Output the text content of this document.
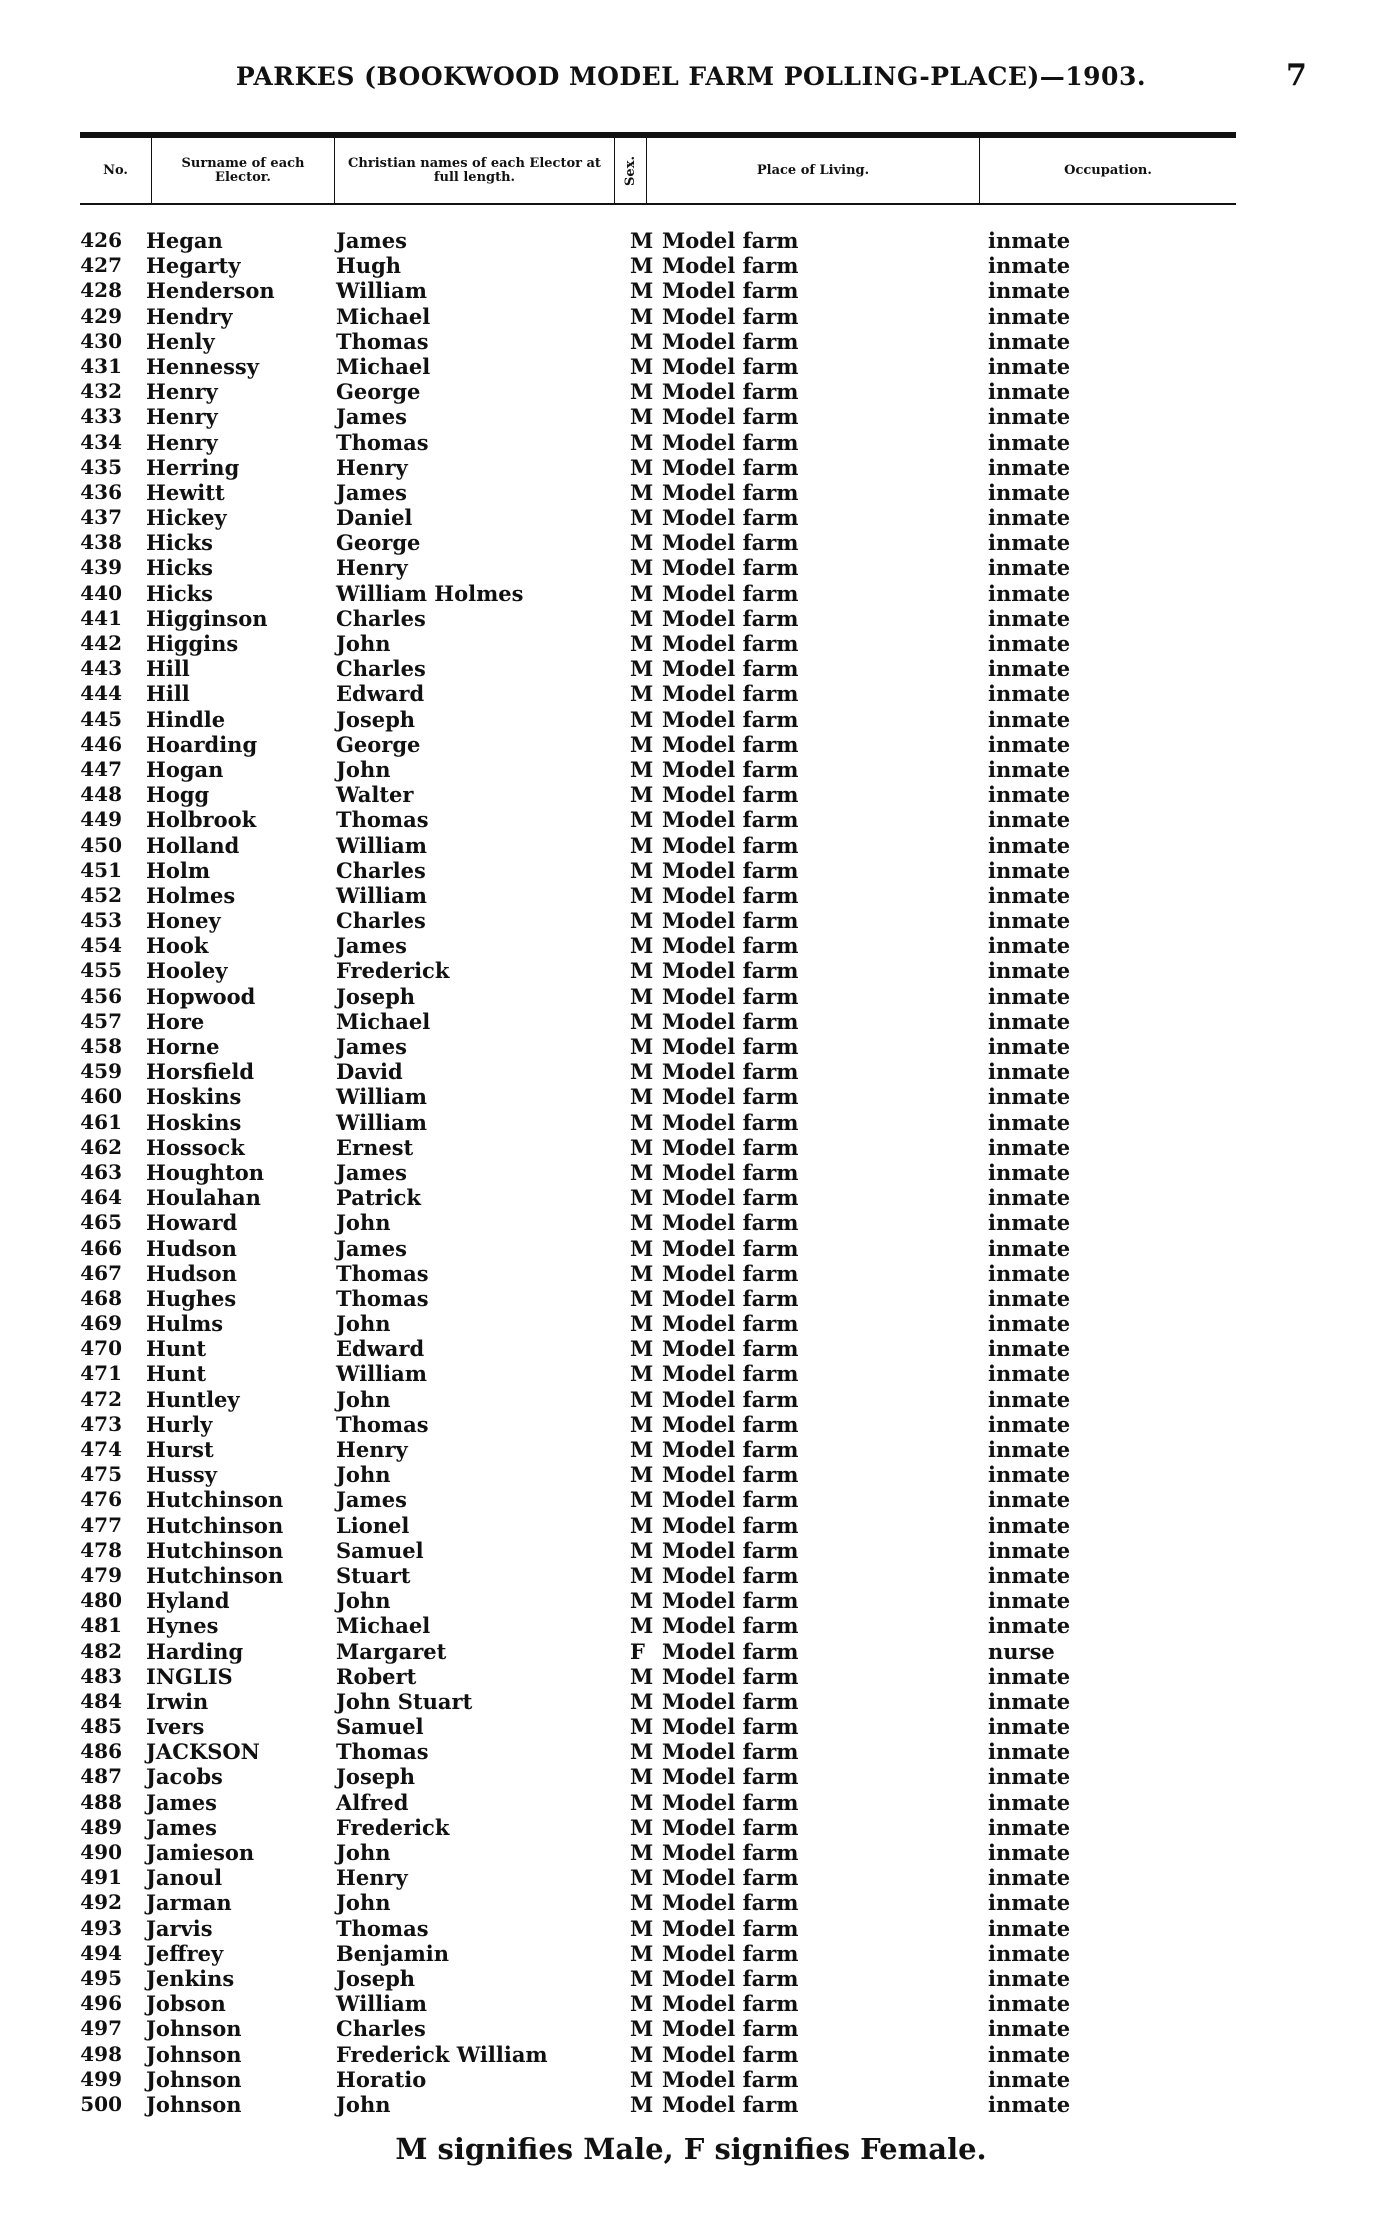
PARKES (BOOKWOOD MODEL FARM POLLING-PLACE)—1903.	7
No.	Surname of each Elector.
Christian names of each Elector at full length.	Sex.	Place of Living.	Occupation.
426 Hegan	James	M Model farm	inmate
427 Hegarty	Hugh	M Model farm	inmate
428 Henderson	William	M Model farm	inmate
429 Hendry	Michael	M Model farm	inmate
430 Henly	Thomas	M Model farm	inmate
431 Hennessy	Michael	M Model farm	inmate
432 Henry	George	M Model farm	inmate
433 Henry	James	M Model farm	inmate
434 Henry	Thomas	M Model farm	inmate
435 Herring	Henry	M Model farm	inmate
436 Hewitt	James	M Model farm	inmate
437 Hickey	Daniel	M Model farm	inmate
438 Hicks	George	M Model farm	inmate
439 Hicks	Henry	M Model farm	inmate
440 Hicks	William Holmes	M Model farm	inmate
441 Higginson	Charles	M Model farm	inmate
442 Higgins	John	M Model farm	inmate
443 Hill	Charles	M Model farm	inmate
444 Hill	Edward	M Model farm	inmate
445 Hindle	Joseph	M Model farm	inmate
446 Hoarding	George	M Model farm	inmate
447 Hogan	John	M Model farm	inmate
448 Hogg	Walter	M Model farm	inmate
449 Holbrook	Thomas	M Model farm	inmate
450 Holland	William	M Model farm	inmate
451 Holm	Charles	M Model farm	inmate
452 Holmes	William	M Model farm	inmate
453 Honey	Charles	M Model farm	inmate
454 Hook	James	M Model farm	inmate
455 Hooley	Frederick	M Model farm	inmate
456 Hopwood	Joseph	M Model farm	inmate
457 Hore	Michael	M Model farm	inmate
458 Horne	James	M Model farm	inmate
459 Horsfield	David	M Model farm	inmate
460 Hoskins	William	M Model farm	inmate
461 Hoskins	William	M Model farm	inmate
462 Hossock	Ernest	M Model farm	inmate
463 Houghton	James	M Model farm	inmate
464 Houlahan	Patrick	M Model farm	inmate
465 Howard	John	M Model farm	inmate
466 Hudson	James	M Model farm	inmate
467 Hudson	Thomas	M Model farm	inmate
468 Hughes	Thomas	M Model farm	inmate
469 Hulms	John	M Model farm	inmate
470 Hunt	Edward	M Model farm	inmate
471 Hunt	William	M Model farm	inmate
472 Huntley	John	M Model farm	inmate
473 Hurly	Thomas	M Model farm	inmate
474 Hurst	Henry	M Model farm	inmate
475 Hussy	John	M Model farm	inmate
476 Hutchinson	James	M Model farm	inmate
477 Hutchinson	Lionel	M Model farm	inmate
478 Hutchinson	Samuel	M Model farm	inmate
479 Hutchinson	Stuart	M Model farm	inmate
480 Hyland	John	M Model farm	inmate
481 Hynes	Michael	M Model farm	inmate
482 Harding	Margaret	F Model farm	nurse
483 INGLIS	Robert	M Model farm	inmate
484 Irwin	John Stuart	M Model farm	inmate
485 Ivers	Samuel	M Model farm	inmate
486 JACKSON	Thomas	M Model farm	inmate
487 Jacobs	Joseph	M Model farm	inmate
488 James	Alfred	M Model farm	inmate
489 James	Frederick	M Model farm	inmate
490 Jamieson	John	M Model farm	inmate
491 Janoul	Henry	M Model farm	inmate
492 Jarman	John	M Model farm	inmate
493 Jarvis	Thomas	M Model farm	inmate
494 Jeffrey	Benjamin	M Model farm	inmate
495 Jenkins	Joseph	M Model farm	inmate
496 Jobson	William	M Model farm	inmate
497 Johnson	Charles	M Model farm	inmate
498 Johnson	Frederick William	M Model farm	inmate
499 Johnson	Horatio	M Model farm	inmate
500 Johnson	John	M Model farm	inmate
M signifies Male, F signifies Female.
